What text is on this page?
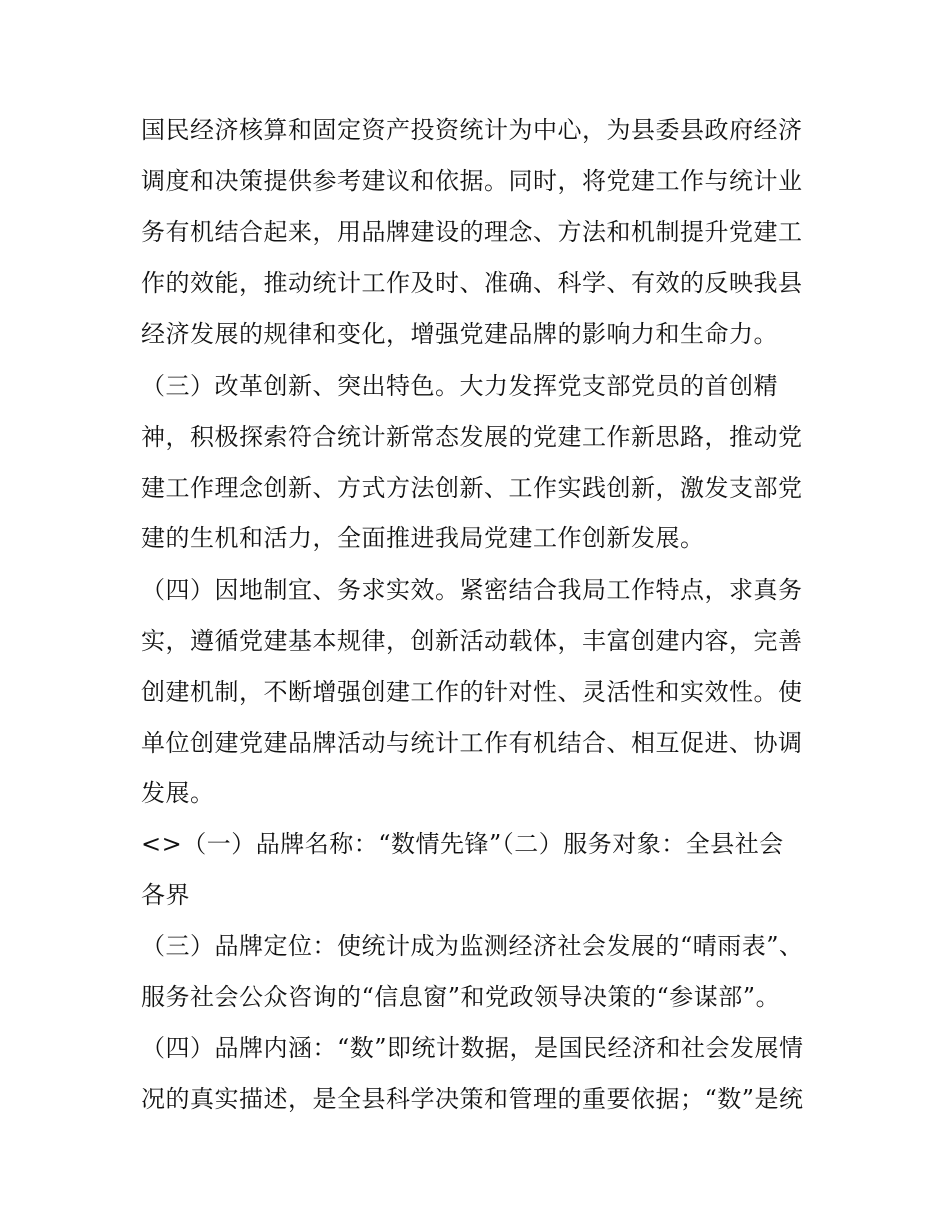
国民经济核算和固定资产投资统计为中心，为县委县政府经济
调度和决策提供参考建议和依据。同时，将党建工作与统计业
务有机结合起来，用品牌建设的理念、方法和机制提升党建工
作的效能，推动统计工作及时、准确、科学、有效的反映我县
经济发展的规律和变化，增强党建品牌的影响力和生命力。
（三）改革创新、突出特色。大力发挥党支部党员的首创精
神，积极探索符合统计新常态发展的党建工作新思路，推动党
建工作理念创新、方式方法创新、工作实践创新，激发支部党
建的生机和活力，全面推进我局党建工作创新发展。
（四）因地制宜、务求实效。紧密结合我局工作特点，求真务
实，遵循党建基本规律，创新活动载体，丰富创建内容，完善
创建机制，不断增强创建工作的针对性、灵活性和实效性。使
单位创建党建品牌活动与统计工作有机结合、相互促进、协调
发展。
<>（一）品牌名称：“数情先锋”（二）服务对象：全县社会
各界
（三）品牌定位：使统计成为监测经济社会发展的“晴雨表”、
服务社会公众咨询的“信息窗”和党政领导决策的“参谋部”。
（四）品牌内涵：“数”即统计数据，是国民经济和社会发展情
况的真实描述，是全县科学决策和管理的重要依据；“数”是统
